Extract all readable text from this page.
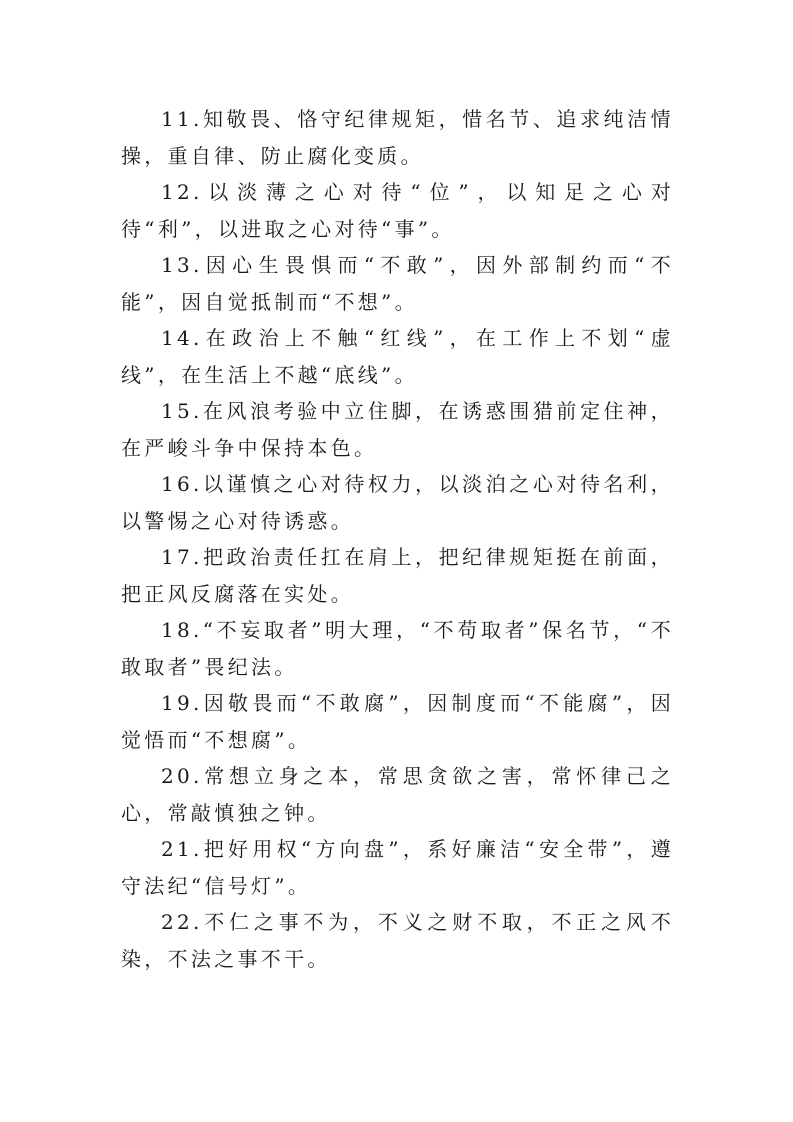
11.知敬畏、恪守纪律规矩，惜名节、追求纯洁情操，重自律、防止腐化变质。

12.以淡薄之心对待“位”，以知足之心对待“利”，以进取之心对待“事”。

13.因心生畏惧而“不敢”，因外部制约而“不能”，因自觉抵制而“不想”。

14.在政治上不触“红线”，在工作上不划“虚线”，在生活上不越“底线”。

15.在风浪考验中立住脚，在诱惑围猎前定住神，在严峻斗争中保持本色。

16.以谨慎之心对待权力，以淡泊之心对待名利，以警惕之心对待诱惑。

17.把政治责任扛在肩上，把纪律规矩挺在前面，把正风反腐落在实处。

18.“不妄取者”明大理，“不苟取者”保名节，“不敢取者”畏纪法。

19.因敬畏而“不敢腐”，因制度而“不能腐”，因觉悟而“不想腐”。

20.常想立身之本，常思贪欲之害，常怀律己之心，常敲慎独之钟。

21.把好用权“方向盘”，系好廉洁“安全带”，遵守法纪“信号灯”。

22.不仁之事不为，不义之财不取，不正之风不染，不法之事不干。
